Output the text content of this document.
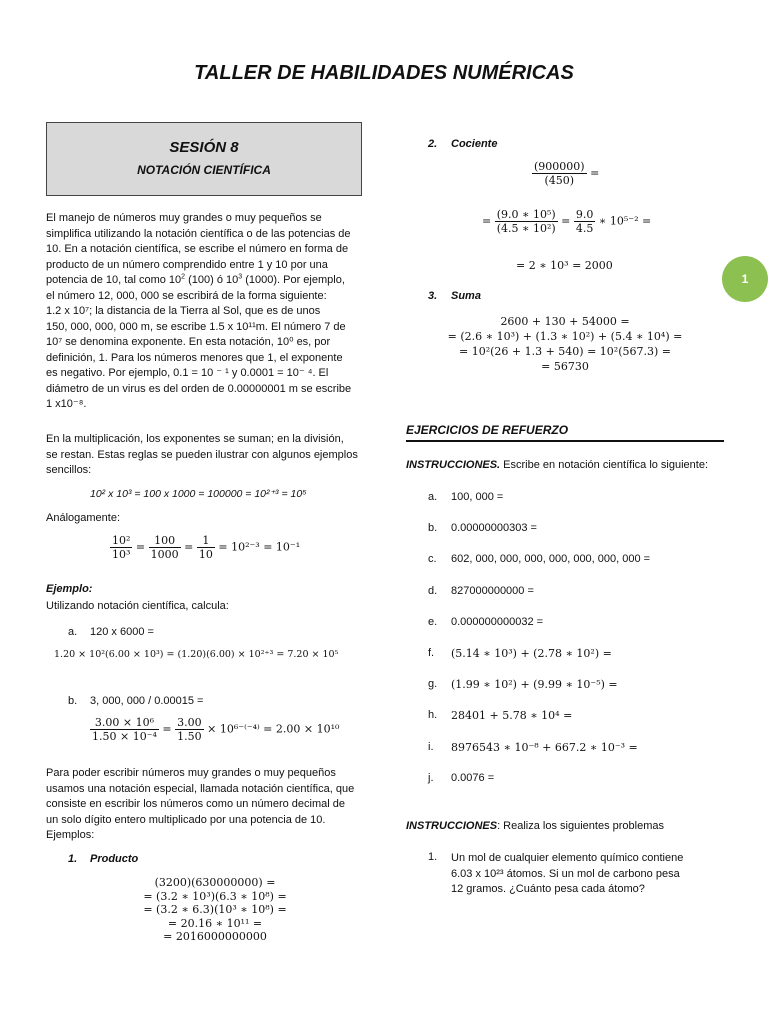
TALLER DE HABILIDADES NUMÉRICAS
SESIÓN 8
NOTACIÓN CIENTÍFICA
1
El manejo de números muy grandes o muy pequeños se
simplifica utilizando la notación científica o de las potencias de
10. En a notación científica, se escribe el número en forma de
producto de un número comprendido entre 1 y 10 por una
potencia de 10, tal como $10^2$ (100) ó $10^3$ (1000). Por ejemplo,
el número 12, 000, 000 se escribirá de la forma siguiente:
1.2 x 10⁷; la distancia de la Tierra al Sol, que es de unos
150, 000, 000, 000 m, se escribe 1.5 x 10¹¹m. El número 7 de
10⁷ se denomina exponente. En esta notación, 10⁰ es, por
definición, 1. Para los números menores que 1, el exponente
es negativo. Por ejemplo, 0.1 = 10 ⁻ ¹ y 0.0001 = 10⁻ ⁴. El
diámetro de un virus es del orden de 0.00000001 m se escribe
1 x10⁻⁸.
En la multiplicación, los exponentes se suman; en la división,
se restan. Estas reglas se pueden ilustrar con algunos ejemplos
sencillos:
10² x 10³ = 100 x 1000 = 100000 = 10²⁺³ = 10⁵
Análogamente:
$\frac{\text{10²}}{\text{10³}} = \frac{100}{1000} = \frac{1}{10} = 10^{2-3} = 10^{-1}$
Ejemplo:
Utilizando notación científica, calcula:
a. 120 x 6000 =
1.20 × 10²(6.00 × 10³) = (1.20)(6.00) × 10²⁺³ = 7.20 × 10⁵
b. 3, 000, 000 / 0.00015 =
$\frac{\text{3.00 × 10⁶}}{\text{1.50 × 10⁻⁴}} = \frac{3.00}{1.50} \times 10^{6-(-4)} = 2.00 \times 10^{10}$
Para poder escribir números muy grandes o muy pequeños
usamos una notación especial, llamada notación científica, que
consiste en escribir los números como un número decimal de
un solo dígito entero multiplicado por una potencia de 10.
Ejemplos:
1. Producto
(3200)(630000000) =
= (3.2 ∗ 10³)(6.3 ∗ 10⁸) =
= (3.2 ∗ 6.3)(10³ ∗ 10⁸) =
= 20.16 ∗ 10¹¹ =
= 2016000000000
2. Cociente
$\frac{(900000)}{(450)}$ =
= $\frac{\text{(9.0 ∗ 10⁵)}}{\text{(4.5 ∗ 10²)}} = \frac{9.0}{4.5}$ ∗ 10⁵⁻² =
= 2 ∗ 10³ = 2000
3. Suma
2600 + 130 + 54000 =
= (2.6 ∗ 10³) + (1.3 ∗ 10²) + (5.4 ∗ 10⁴) =
= 10²(26 + 1.3 + 540) = 10²(567.3) =
= 56730
EJERCICIOS DE REFUERZO
INSTRUCCIONES. Escribe en notación científica lo siguiente:
a. 100, 000 =
b. 0.00000000303 =
c. 602, 000, 000, 000, 000, 000, 000, 000 =
d. 827000000000 =
e. 0.000000000032 =
f. (5.14 ∗ 10³) + (2.78 ∗ 10²) =
g. (1.99 ∗ 10²) + (9.99 ∗ 10⁻⁵) =
h. 28401 + 5.78 ∗ 10⁴ =
i. 8976543 ∗ 10⁻⁸ + 667.2 ∗ 10⁻³ =
j. 0.0076 =
INSTRUCCIONES: Realiza los siguientes problemas
1. Un mol de cualquier elemento químico contiene
6.03 x 10²³ átomos. Si un mol de carbono pesa
12 gramos. ¿Cuánto pesa cada átomo?
